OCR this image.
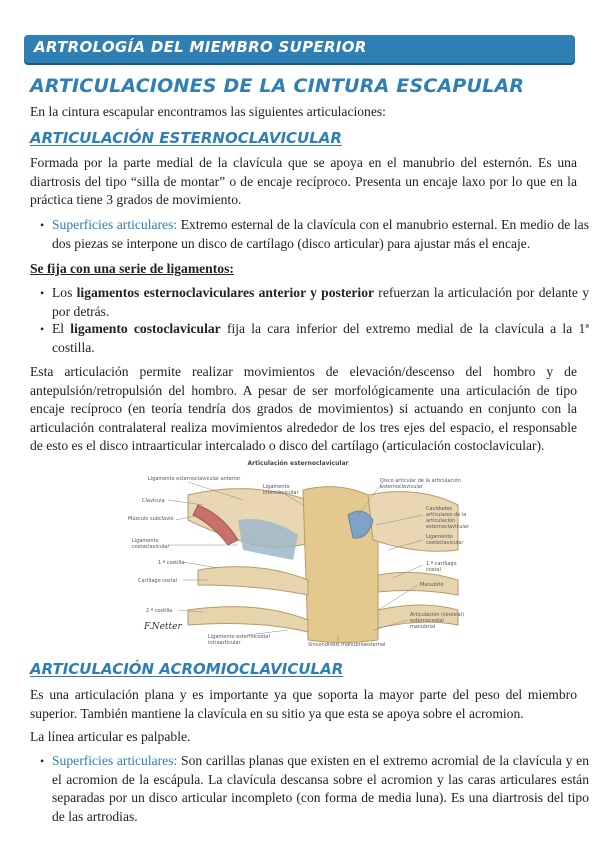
ARTROLOGÍA DEL MIEMBRO SUPERIOR
ARTICULACIONES DE LA CINTURA ESCAPULAR

En la cintura escapular encontramos las siguientes articulaciones:

ARTICULACIÓN ESTERNOCLAVICULAR

Formada por la parte medial de la clavícula que se apoya en el manubrio del esternón. Es una diartrosis del tipo “silla de montar” o de encaje recíproco. Presenta un encaje laxo por lo que en la práctica tiene 3 grados de movimiento.

• Superficies articulares: Extremo esternal de la clavícula con el manubrio esternal. En medio de las dos piezas se interpone un disco de cartílago (disco articular) para ajustar más el encaje.

Se fija con una serie de ligamentos:

• Los ligamentos esternoclaviculares anterior y posterior refuerzan la articulación por delante y por detrás.

• El ligamento costoclavicular fija la cara inferior del extremo medial de la clavícula a la 1ª costilla.

Esta articulación permite realizar movimientos de elevación/descenso del hombro y de antepulsión/retropulsión del hombro. A pesar de ser morfológicamente una articulación de tipo encaje recíproco (en teoría tendría dos grados de movimientos) si actuando en conjunto con la articulación contralateral realiza movimientos alrededor de los tres ejes del espacio, el responsable de esto es el disco intraarticular intercalado o disco del cartílago (articulación costoclavicular).

Articulación esternoclavicular
Ligamento esternoclavicular anterior
Clavícula
Músculo subclavio
Ligamento costoclavicular
1.ª costilla
Cartílago costal
2.ª costilla
Ligamento interclavicular
Disco articular de la articulación esternoclavicular
Cavidades articulares de la articulación esternoclavicular
Ligamento costoclavicular
1.ª cartílago costal
Manubrio
Articulación (sinovial) esternocostal manubrial
Ligamento esternocostal intraarticular	Sincondrosis manubrioesternal
F.Netter
ARTICULACIÓN ACROMIOCLAVICULAR

Es una articulación plana y es importante ya que soporta la mayor parte del peso del miembro superior. También mantiene la clavícula en su sitio ya que esta se apoya sobre el acromion.

La línea articular es palpable.

• Superficies articulares: Son carillas planas que existen en el extremo acromial de la clavícula y en el acromion de la escápula. La clavícula descansa sobre el acromion y las caras articulares están separadas por un disco articular incompleto (con forma de media luna). Es una diartrosis del tipo de las artrodias.
